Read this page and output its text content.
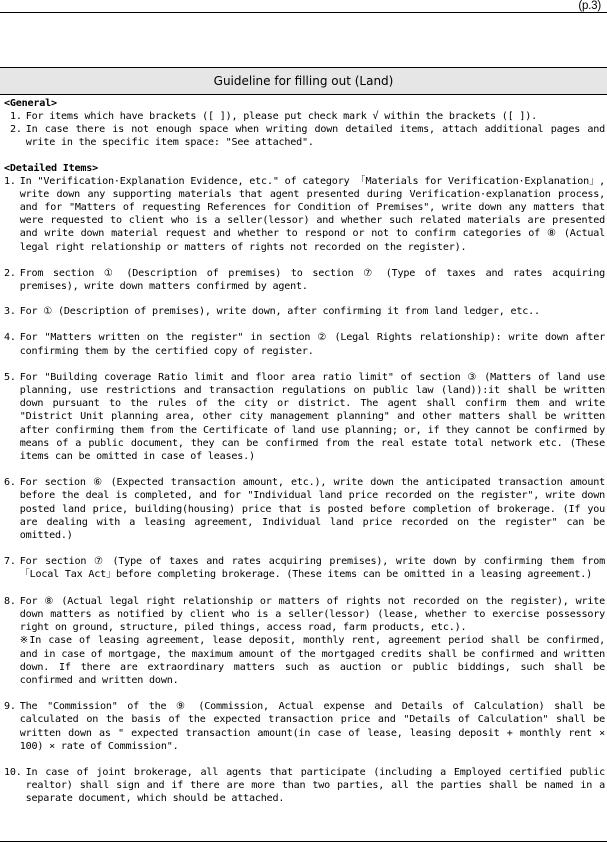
(p.3)
Guideline for filling out (Land)
<General>
1. For items which have brackets ([ ]), please put check mark √ within the brackets ([ ]).
2. In case there is not enough space when writing down detailed items, attach additional pages and write in the specific item space: "See attached".
<Detailed Items>
1. In "Verification·Explanation Evidence, etc." of category 「Materials for Verification·Explanation」, write down any supporting materials that agent presented during Verification·explanation process, and for "Matters of requesting References for Condition of Premises", write down any matters that were requested to client who is a seller(lessor) and whether such related materials are presented and write down material request and whether to respond or not to confirm categories of ⑧ (Actual legal right relationship or matters of rights not recorded on the register).
2. From section ① (Description of premises) to section ⑦ (Type of taxes and rates acquiring premises), write down matters confirmed by agent.
3. For ① (Description of premises), write down, after confirming it from land ledger, etc..
4. For "Matters written on the register" in section ② (Legal Rights relationship): write down after confirming them by the certified copy of register.
5. For "Building coverage Ratio limit and floor area ratio limit" of section ③ (Matters of land use planning, use restrictions and transaction regulations on public law (land)):it shall be written down pursuant to the rules of the city or district. The agent shall confirm them and write "District Unit planning area, other city management planning" and other matters shall be written after confirming them from the Certificate of land use planning; or, if they cannot be confirmed by means of a public document, they can be confirmed from the real estate total network etc. (These items can be omitted in case of leases.)
6. For section ⑥ (Expected transaction amount, etc.), write down the anticipated transaction amount before the deal is completed, and for "Individual land price recorded on the register", write down posted land price, building(housing) price that is posted before completion of brokerage. (If you are dealing with a leasing agreement, Individual land price recorded on the register" can be omitted.)
7. For section ⑦ (Type of taxes and rates acquiring premises), write down by confirming them from 「Local Tax Act」before completing brokerage. (These items can be omitted in a leasing agreement.)
8. For ⑧ (Actual legal right relationship or matters of rights not recorded on the register), write down matters as notified by client who is a seller(lessor) (lease, whether to exercise possessory right on ground, structure, piled things, access road, farm products, etc.).
※In case of leasing agreement, lease deposit, monthly rent, agreement period shall be confirmed, and in case of mortgage, the maximum amount of the mortgaged credits shall be confirmed and written down. If there are extraordinary matters such as auction or public biddings, such shall be confirmed and written down.
9. The "Commission" of the ⑨ (Commission, Actual expense and Details of Calculation) shall be calculated on the basis of the expected transaction price and "Details of Calculation" shall be written down as " expected transaction amount(in case of lease, leasing deposit + monthly rent × 100) × rate of Commission".
10. In case of joint brokerage, all agents that participate (including a Employed certified public realtor) shall sign and if there are more than two parties, all the parties shall be named in a separate document, which should be attached.
